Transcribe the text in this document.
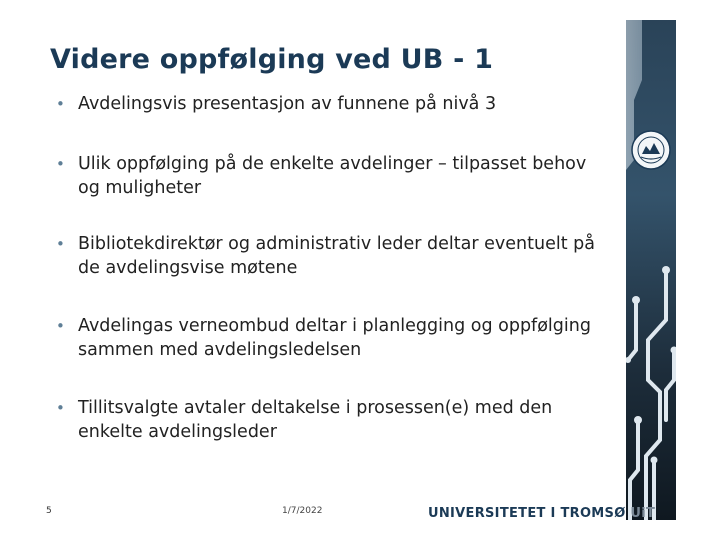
Videre oppfølging ved UB - 1
• Avdelingsvis presentasjon av funnene på nivå 3
• Ulik oppfølging på de enkelte avdelinger – tilpasset behov og muligheter
• Bibliotekdirektør og administrativ leder deltar eventuelt på de avdelingsvise møtene
• Avdelingas verneombud deltar i planlegging og oppfølging sammen med avdelingsledelsen
• Tillitsvalgte avtaler deltakelse i prosessen(e) med den enkelte avdelingsleder
5	1/7/2022	UNIVERSITETET I TROMSØ UiT
